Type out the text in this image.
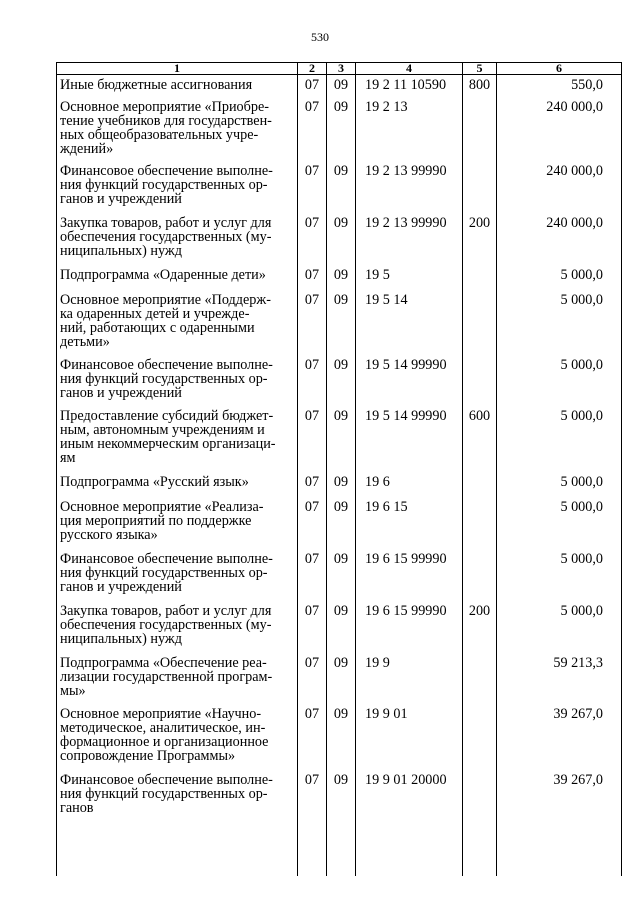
530
1	2	3	4	5	6
Иные бюджетные ассигнования	07	09	19 2 11 10590	800	550,0
Основное мероприятие «Приобре-
тение учебников для государствен-
ных общеобразовательных учре-
ждений»	07	09	19 2 13		240 000,0
Финансовое обеспечение выполне-
ния функций государственных ор-
ганов и учреждений	07	09	19 2 13 99990		240 000,0
Закупка товаров, работ и услуг для
обеспечения государственных (му-
ниципальных) нужд	07	09	19 2 13 99990	200	240 000,0
Подпрограмма «Одаренные дети»	07	09	19 5		5 000,0
Основное мероприятие «Поддерж-
ка одаренных детей и учрежде-
ний, работающих с одаренными
детьми»	07	09	19 5 14		5 000,0
Финансовое обеспечение выполне-
ния функций государственных ор-
ганов и учреждений	07	09	19 5 14 99990		5 000,0
Предоставление субсидий бюджет-
ным, автономным учреждениям и
иным некоммерческим организаци-
ям	07	09	19 5 14 99990	600	5 000,0
Подпрограмма «Русский язык»	07	09	19 6		5 000,0
Основное мероприятие «Реализа-
ция мероприятий по поддержке
русского языка»	07	09	19 6 15		5 000,0
Финансовое обеспечение выполне-
ния функций государственных ор-
ганов и учреждений	07	09	19 6 15 99990		5 000,0
Закупка товаров, работ и услуг для
обеспечения государственных (му-
ниципальных) нужд	07	09	19 6 15 99990	200	5 000,0
Подпрограмма «Обеспечение реа-
лизации государственной програм-
мы»	07	09	19 9		59 213,3
Основное мероприятие «Научно-
методическое, аналитическое, ин-
формационное и организационное
сопровождение Программы»	07	09	19 9 01		39 267,0
Финансовое обеспечение выполне-
ния функций государственных ор-
ганов	07	09	19 9 01 20000		39 267,0
